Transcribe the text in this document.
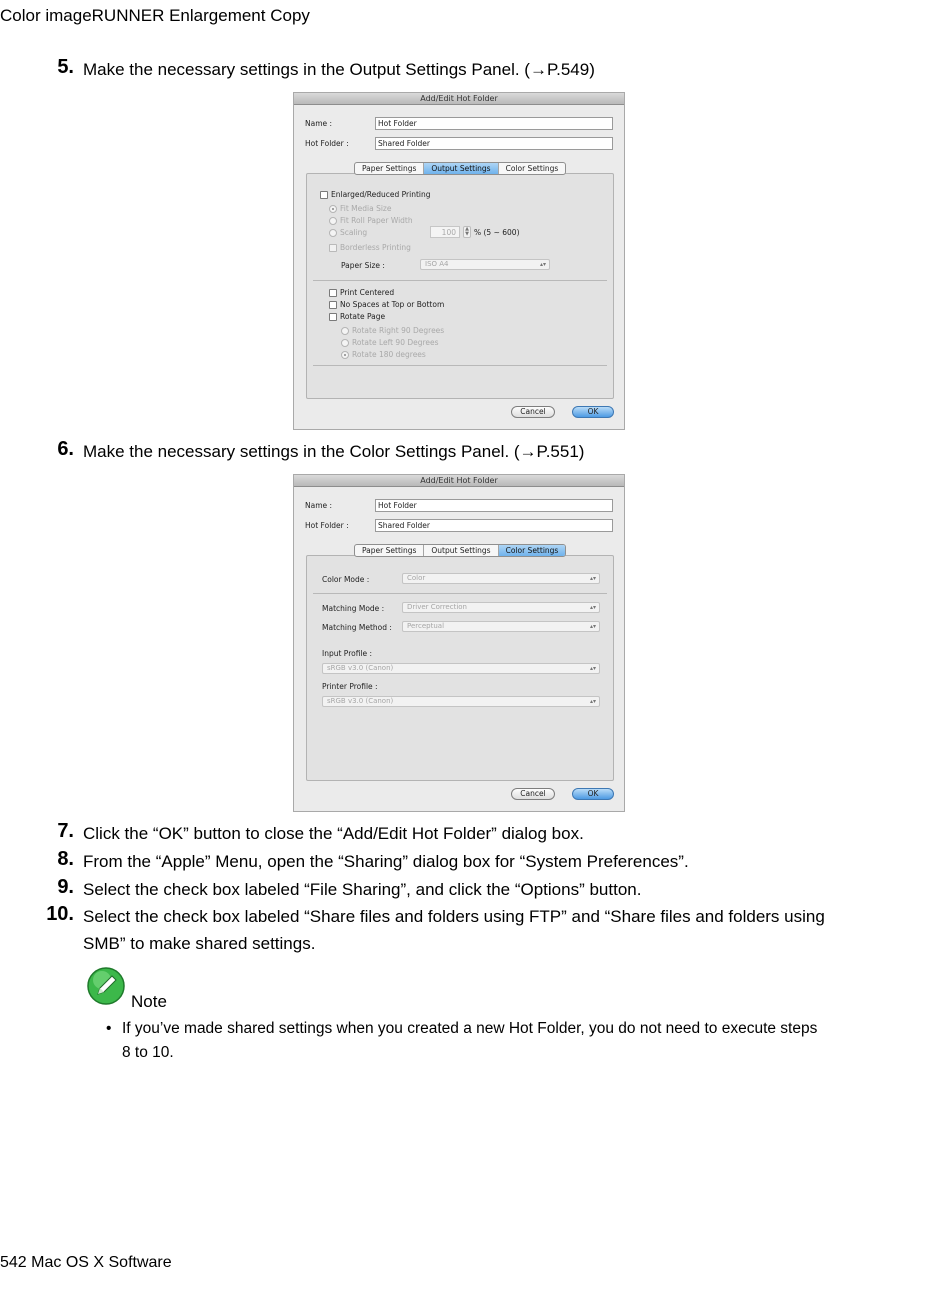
Color imageRUNNER Enlargement Copy
5. Make the necessary settings in the Output Settings Panel. (→P.549)
Add/Edit Hot Folder
Name :	Hot Folder
Hot Folder :	Shared Folder
Enlarged/Reduced Printing
Fit Media Size
Fit Roll Paper Width
Scaling	100	▲
▼ % (5 ~ 600)
Borderless Printing
Paper Size :	ISO A4	▴▾
Print Centered
No Spaces at Top or Bottom
Rotate Page
Rotate Right 90 Degrees
Rotate Left 90 Degrees
Rotate 180 degrees
Paper Settings	Output Settings	Color Settings
Cancel	OK
6. Make the necessary settings in the Color Settings Panel. (→P.551)
Add/Edit Hot Folder
Name :	Hot Folder
Hot Folder :	Shared Folder
Color Mode :	Color	▴▾
Matching Mode :	Driver Correction	▴▾
Matching Method :	Perceptual	▴▾
Input Profile :
sRGB v3.0 (Canon)	▴▾
Printer Profile :
sRGB v3.0 (Canon)	▴▾
Paper Settings	Output Settings	Color Settings
Cancel	OK
7. Click the “OK” button to close the “Add/Edit Hot Folder” dialog box.
8. From the “Apple” Menu, open the “Sharing” dialog box for “System Preferences”.
9. Select the check box labeled “File Sharing”, and click the “Options” button.
10. Select the check box labeled “Share files and folders using FTP” and “Share files and folders using SMB” to make shared settings.
Note
• If you’ve made shared settings when you created a new Hot Folder, you do not need to execute steps 8 to 10.
542 Mac OS X Software
